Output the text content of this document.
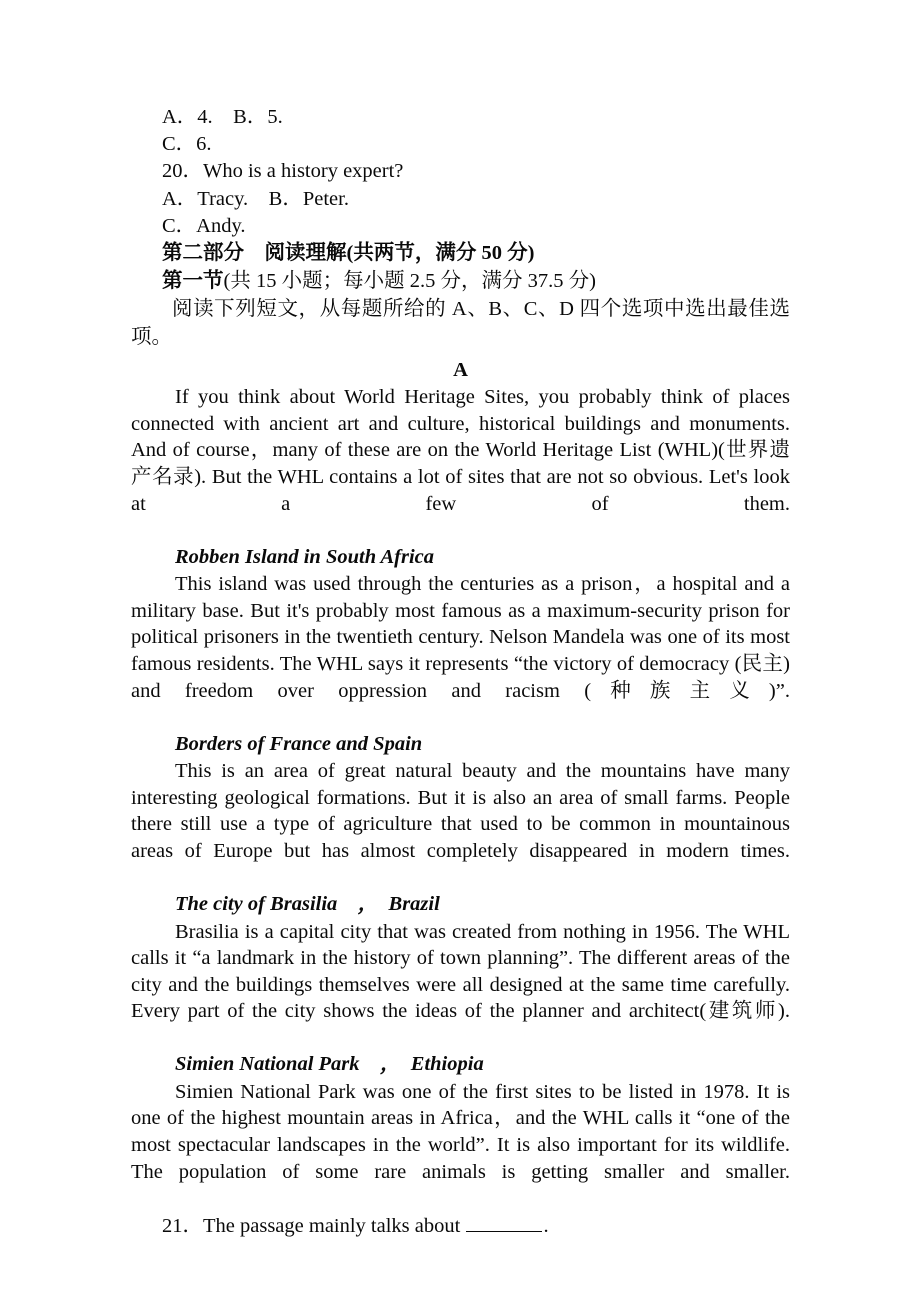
A．4.　B．5.
C．6.
20．Who is a history expert?
A．Tracy.　B．Peter.
C．Andy.
第二部分　阅读理解(共两节，满分 50 分)
第一节(共 15 小题；每小题 2.5 分，满分 37.5 分)
阅读下列短文，从每题所给的 A、B、C、D 四个选项中选出最佳选项。
A

If you think about World Heritage Sites, you probably think of places connected with ancient art and culture, historical buildings and monuments. And of course，many of these are on the World Heritage List (WHL)(世界遗产名录). But the WHL contains a lot of sites that are not so obvious. Let's look at a few of them.

Robben Island in South Africa

This island was used through the centuries as a prison，a hospital and a military base. But it's probably most famous as a maximum-security prison for political prisoners in the twentieth century. Nelson Mandela was one of its most famous residents. The WHL says it represents “the victory of democracy (民主) and freedom over oppression and racism (种族主义)”.

Borders of France and Spain

This is an area of great natural beauty and the mountains have many interesting geological formations. But it is also an area of small farms. People there still use a type of agriculture that used to be common in mountainous areas of Europe but has almost completely disappeared in modern times.

The city of Brasilia　，　Brazil

Brasilia is a capital city that was created from nothing in 1956. The WHL calls it “a landmark in the history of town planning”. The different areas of the city and the buildings themselves were all designed at the same time carefully. Every part of the city shows the ideas of the planner and architect(建筑师).

Simien National Park　，　Ethiopia

Simien National Park was one of the first sites to be listed in 1978. It is one of the highest mountain areas in Africa，and the WHL calls it “one of the most spectacular landscapes in the world”. It is also important for its wildlife. The population of some rare animals is getting smaller and smaller.

21．The passage mainly talks about	.
